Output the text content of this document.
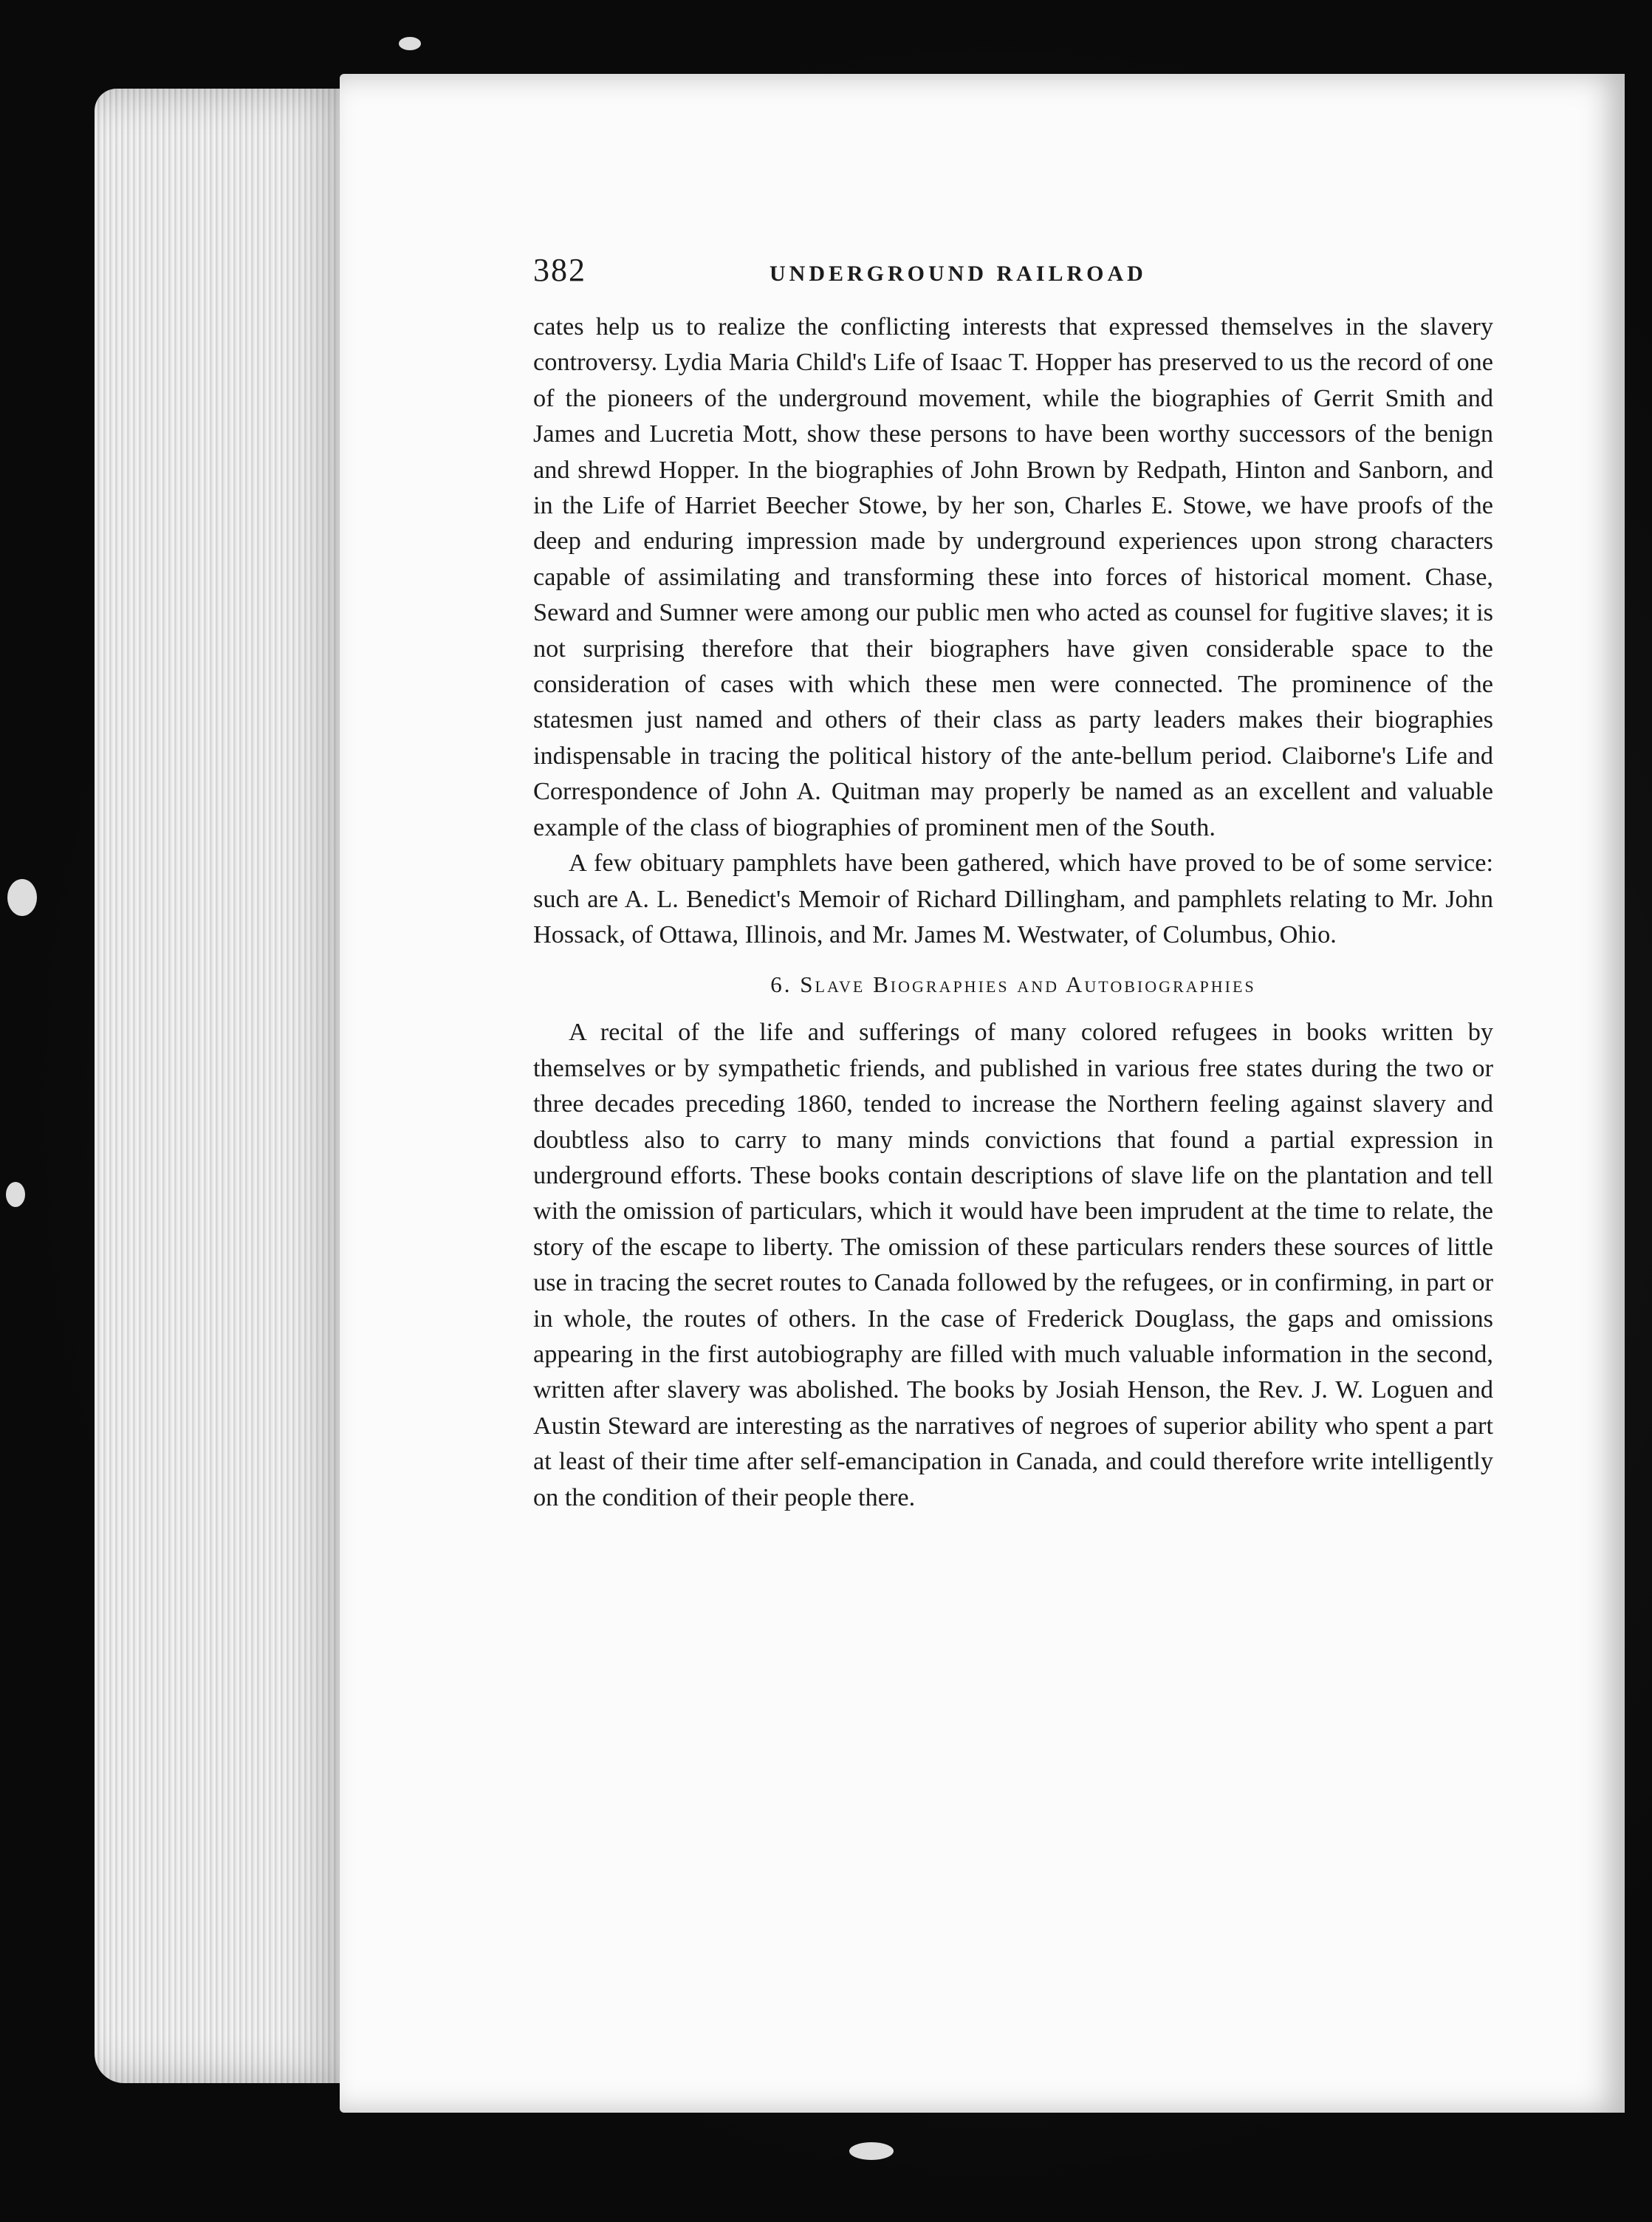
382	UNDERGROUND RAILROAD

cates help us to realize the conflicting interests that expressed themselves in the slavery controversy. Lydia Maria Child's Life of Isaac T. Hopper has preserved to us the record of one of the pioneers of the underground movement, while the biographies of Gerrit Smith and James and Lucretia Mott, show these persons to have been worthy successors of the benign and shrewd Hopper. In the biographies of John Brown by Redpath, Hinton and Sanborn, and in the Life of Harriet Beecher Stowe, by her son, Charles E. Stowe, we have proofs of the deep and enduring impression made by underground experiences upon strong characters capable of assimilating and transforming these into forces of historical moment. Chase, Seward and Sumner were among our public men who acted as counsel for fugitive slaves; it is not surprising therefore that their biographers have given considerable space to the consideration of cases with which these men were connected. The prominence of the statesmen just named and others of their class as party leaders makes their biographies indispensable in tracing the political history of the ante-bellum period. Claiborne's Life and Correspondence of John A. Quitman may properly be named as an excellent and valuable example of the class of biographies of prominent men of the South.

A few obituary pamphlets have been gathered, which have proved to be of some service: such are A. L. Benedict's Memoir of Richard Dillingham, and pamphlets relating to Mr. John Hossack, of Ottawa, Illinois, and Mr. James M. Westwater, of Columbus, Ohio.

6. Slave Biographies and Autobiographies

A recital of the life and sufferings of many colored refugees in books written by themselves or by sympathetic friends, and published in various free states during the two or three decades preceding 1860, tended to increase the Northern feeling against slavery and doubtless also to carry to many minds convictions that found a partial expression in underground efforts. These books contain descriptions of slave life on the plantation and tell with the omission of particulars, which it would have been imprudent at the time to relate, the story of the escape to liberty. The omission of these particulars renders these sources of little use in tracing the secret routes to Canada followed by the refugees, or in confirming, in part or in whole, the routes of others. In the case of Frederick Douglass, the gaps and omissions appearing in the first autobiography are filled with much valuable information in the second, written after slavery was abolished. The books by Josiah Henson, the Rev. J. W. Loguen and Austin Steward are interesting as the narratives of negroes of superior ability who spent a part at least of their time after self-emancipation in Canada, and could therefore write intelligently on the condition of their people there.
